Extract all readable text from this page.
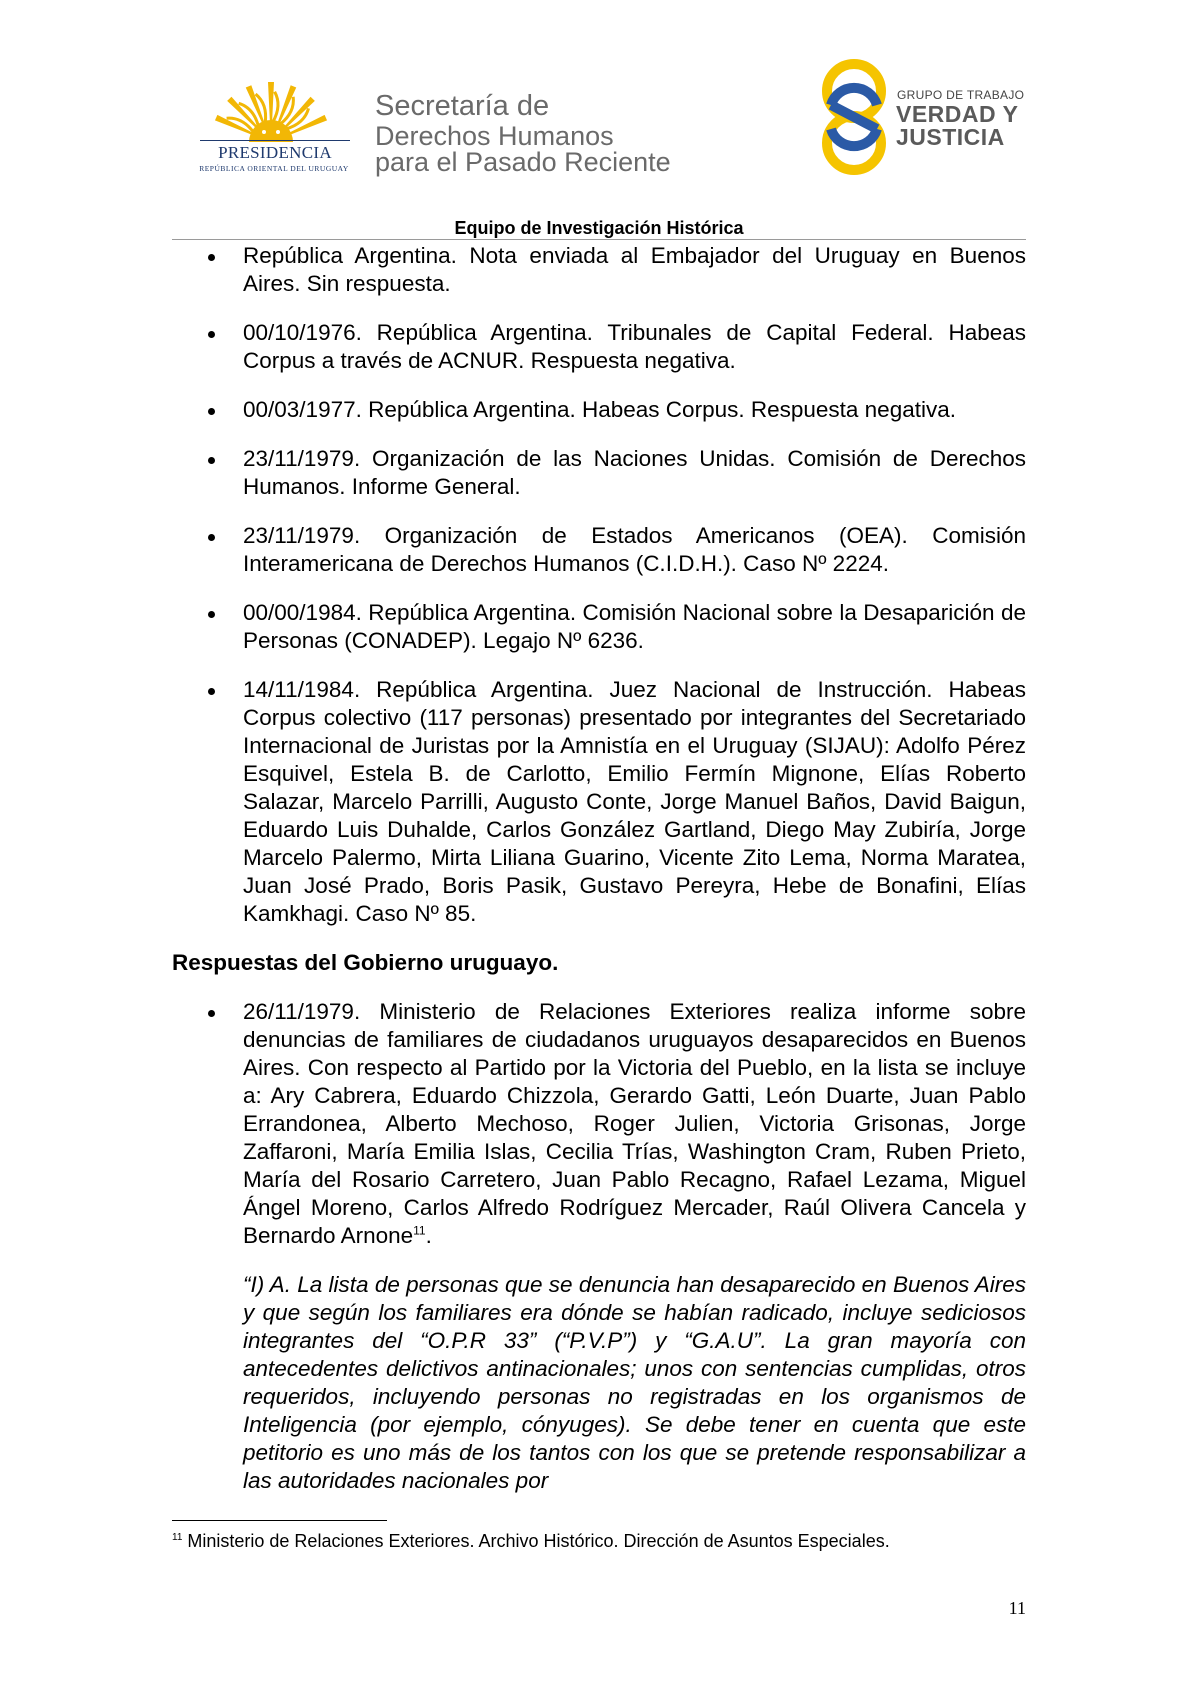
PRESIDENCIA
REPÚBLICA ORIENTAL DEL URUGUAY
Secretaría de
Derechos Humanos
para el Pasado Reciente
GRUPO DE TRABAJO
VERDAD Y
JUSTICIA
Equipo de Investigación Histórica
República Argentina. Nota enviada al Embajador del Uruguay en Buenos Aires. Sin respuesta.
00/10/1976. República Argentina. Tribunales de Capital Federal. Habeas Corpus a través de ACNUR. Respuesta negativa.
00/03/1977. República Argentina. Habeas Corpus. Respuesta negativa.
23/11/1979. Organización de las Naciones Unidas. Comisión de Derechos Humanos. Informe General.
23/11/1979. Organización de Estados Americanos (OEA). Comisión Interamericana de Derechos Humanos (C.I.D.H.). Caso Nº 2224.
00/00/1984. República Argentina. Comisión Nacional sobre la Desaparición de Personas (CONADEP). Legajo Nº 6236.
14/11/1984. República Argentina. Juez Nacional de Instrucción. Habeas Corpus colectivo (117 personas) presentado por integrantes del Secretariado Internacional de Juristas por la Amnistía en el Uruguay (SIJAU): Adolfo Pérez Esquivel, Estela B. de Carlotto, Emilio Fermín Mignone, Elías Roberto Salazar, Marcelo Parrilli, Augusto Conte, Jorge Manuel Baños, David Baigun, Eduardo Luis Duhalde, Carlos González Gartland, Diego May Zubiría, Jorge Marcelo Palermo, Mirta Liliana Guarino, Vicente Zito Lema, Norma Maratea, Juan José Prado, Boris Pasik, Gustavo Pereyra, Hebe de Bonafini, Elías Kamkhagi. Caso Nº 85.
Respuestas del Gobierno uruguayo.
26/11/1979. Ministerio de Relaciones Exteriores realiza informe sobre denuncias de familiares de ciudadanos uruguayos desaparecidos en Buenos Aires. Con respecto al Partido por la Victoria del Pueblo, en la lista se incluye a: Ary Cabrera, Eduardo Chizzola, Gerardo Gatti, León Duarte, Juan Pablo Errandonea, Alberto Mechoso, Roger Julien, Victoria Grisonas, Jorge Zaffaroni, María Emilia Islas, Cecilia Trías, Washington Cram, Ruben Prieto, María del Rosario Carretero, Juan Pablo Recagno, Rafael Lezama, Miguel Ángel Moreno, Carlos Alfredo Rodríguez Mercader, Raúl Olivera Cancela y Bernardo Arnone$^{11}$.
“I) A. La lista de personas que se denuncia han desaparecido en Buenos Aires y que según los familiares era dónde se habían radicado, incluye sediciosos integrantes del “O.P.R 33” (“P.V.P”) y “G.A.U”. La gran mayoría con antecedentes delictivos antinacionales; unos con sentencias cumplidas, otros requeridos, incluyendo personas no registradas en los organismos de Inteligencia (por ejemplo, cónyuges). Se debe tener en cuenta que este petitorio es uno más de los tantos con los que se pretende responsabilizar a las autoridades nacionales por
$^{11}$ Ministerio de Relaciones Exteriores. Archivo Histórico. Dirección de Asuntos Especiales.
11
